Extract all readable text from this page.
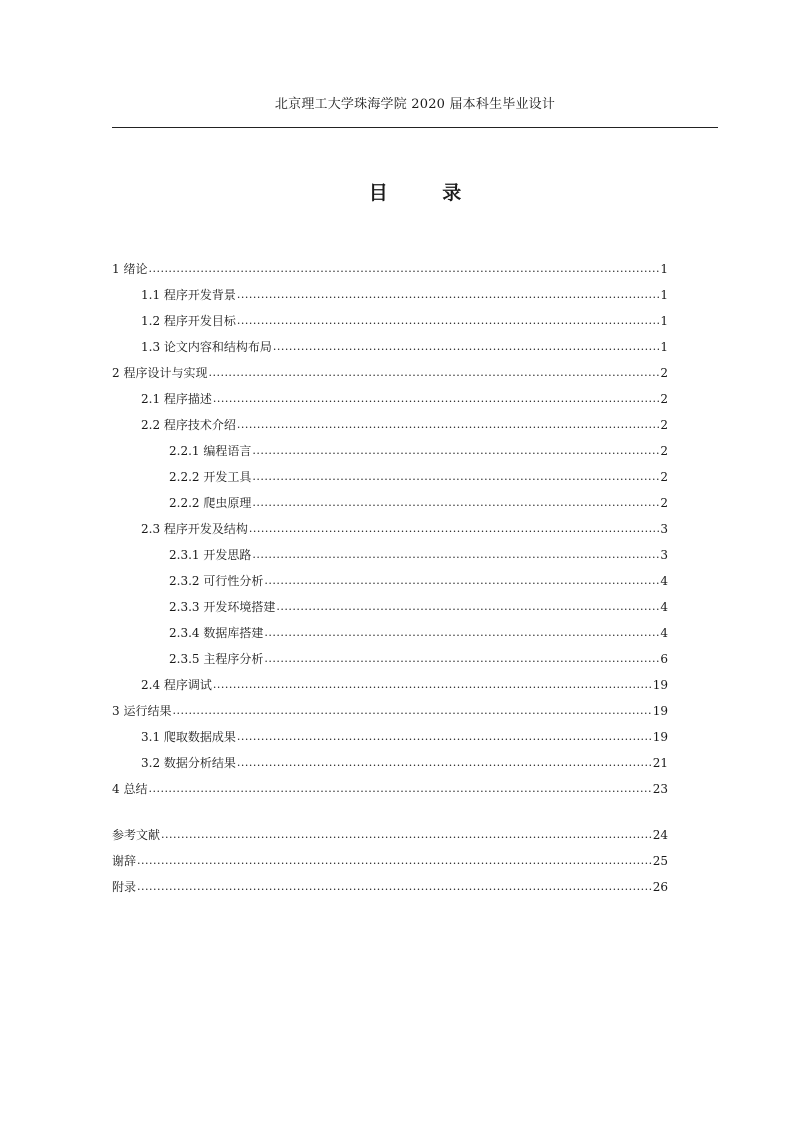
北京理工大学珠海学院 2020 届本科生毕业设计
目 录
1 绪论 .....	1
1.1 程序开发背景 .....	1
1.2 程序开发目标 .....	1
1.3 论文内容和结构布局 .....	1
2 程序设计与实现 .....	2
2.1 程序描述 .....	2
2.2 程序技术介绍 .....	2
2.2.1 编程语言 .....	2
2.2.2 开发工具 .....	2
2.2.2 爬虫原理 .....	2
2.3 程序开发及结构 .....	3
2.3.1 开发思路 .....	3
2.3.2 可行性分析 .....	4
2.3.3 开发环境搭建 .....	4
2.3.4 数据库搭建 .....	4
2.3.5 主程序分析 .....	6
2.4 程序调试 .....	19
3 运行结果 .....	19
3.1 爬取数据成果 .....	19
3.2 数据分析结果 .....	21
4 总结 .....	23
参考文献 .....	24
谢辞 .....	25
附录 .....	26
